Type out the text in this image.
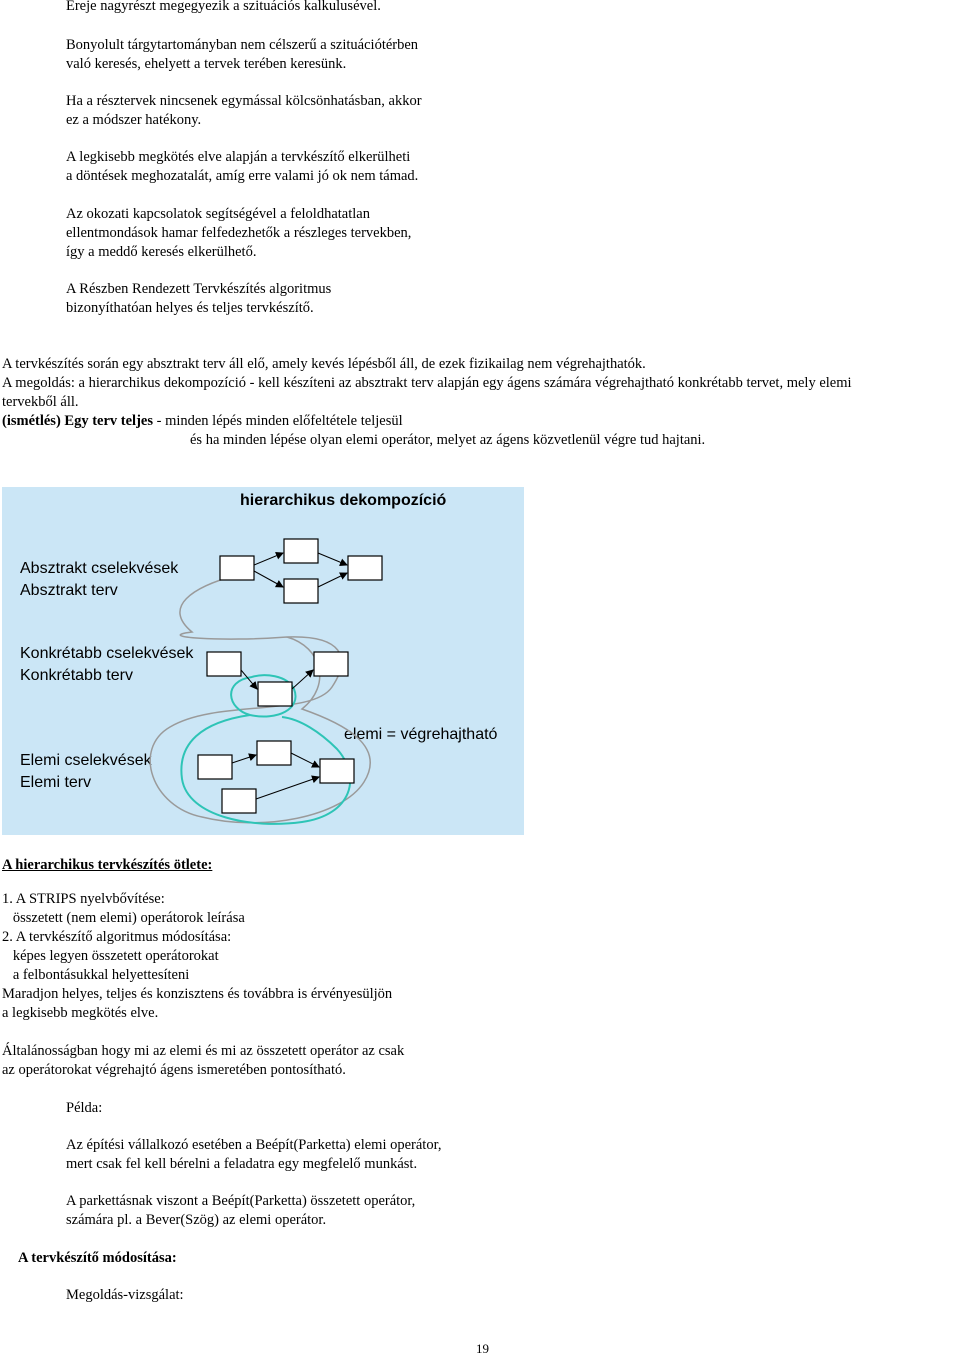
Ereje nagyrészt megegyezik a szituációs kalkulusével.
Bonyolult tárgytartományban nem célszerű a szituációtérben
való keresés, ehelyett a tervek terében keresünk.
Ha a résztervek nincsenek egymással kölcsönhatásban, akkor
ez a módszer hatékony.
A legkisebb megkötés elve alapján a tervkészítő elkerülheti
a döntések meghozatalát, amíg erre valami jó ok nem támad.
Az okozati kapcsolatok segítségével a feloldhatatlan
ellentmondások hamar felfedezhetők a részleges tervekben,
így a meddő keresés elkerülhető.
A Részben Rendezett Tervkészítés algoritmus
bizonyíthatóan helyes és teljes tervkészítő.
A tervkészítés során egy absztrakt terv áll elő, amely kevés lépésből áll, de ezek fizikailag nem végrehajthatók.
A megoldás: a hierarchikus dekompozíció - kell készíteni az absztrakt terv alapján egy ágens számára végrehajtható konkrétabb tervet, mely elemi
tervekből áll.
(ismétlés) Egy terv teljes - minden lépés minden előfeltétele teljesül
és ha minden lépése olyan elemi operátor, melyet az ágens közvetlenül végre tud hajtani.
hierarchikus dekompozíció
Absztrakt cselekvések
Absztrakt terv
Konkrétabb cselekvések
Konkrétabb terv
elemi = végrehajtható
Elemi cselekvések
Elemi terv
A hierarchikus tervkészítés ötlete:
1. A STRIPS nyelvbővítése:
összetett (nem elemi) operátorok leírása
2. A tervkészítő algoritmus módosítása:
képes legyen összetett operátorokat
a felbontásukkal helyettesíteni
Maradjon helyes, teljes és konzisztens és továbbra is érvényesüljön
a legkisebb megkötés elve.
Általánosságban hogy mi az elemi és mi az összetett operátor az csak
az operátorokat végrehajtó ágens ismeretében pontosítható.
Példa:
Az építési vállalkozó esetében a Beépít(Parketta) elemi operátor,
mert csak fel kell bérelni a feladatra egy megfelelő munkást.
A parkettásnak viszont a Beépít(Parketta) összetett operátor,
számára pl. a Bever(Szög) az elemi operátor.
A tervkészítő módosítása:
Megoldás-vizsgálat:
19
